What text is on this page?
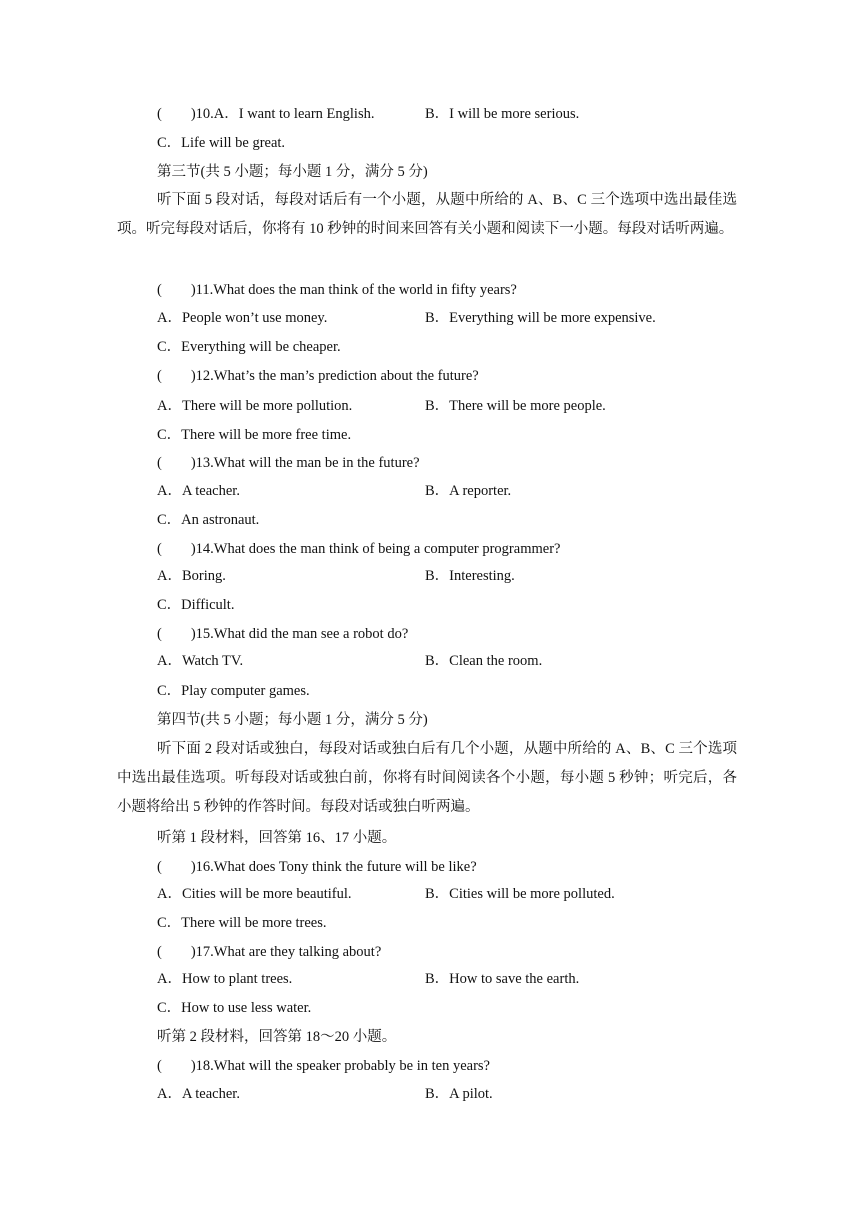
(　　)10.A．I want to learn English.	B．I will be more serious.
C．Life will be great.
第三节(共 5 小题；每小题 1 分，满分 5 分)
听下面 5 段对话，每段对话后有一个小题，从题中所给的 A、B、C 三个选项中选出最佳选项。听完每段对话后，你将有 10 秒钟的时间来回答有关小题和阅读下一小题。每段对话听两遍。
(　　)11.What does the man think of the world in fifty years?
A．People won’t use money.	B．Everything will be more expensive.
C．Everything will be cheaper.
(　　)12.What’s the man’s prediction about the future?
A．There will be more pollution.	B．There will be more people.
C．There will be more free time.
(　　)13.What will the man be in the future?
A．A teacher.	B．A reporter.
C．An astronaut.
(　　)14.What does the man think of being a computer programmer?
A．Boring.	B．Interesting.
C．Difficult.
(　　)15.What did the man see a robot do?
A．Watch TV.	B．Clean the room.
C．Play computer games.
第四节(共 5 小题；每小题 1 分，满分 5 分)
听下面 2 段对话或独白，每段对话或独白后有几个小题，从题中所给的 A、B、C 三个选项中选出最佳选项。听每段对话或独白前，你将有时间阅读各个小题，每小题 5 秒钟；听完后，各小题将给出 5 秒钟的作答时间。每段对话或独白听两遍。
听第 1 段材料，回答第 16、17 小题。
(　　)16.What does Tony think the future will be like?
A．Cities will be more beautiful.	B．Cities will be more polluted.
C．There will be more trees.
(　　)17.What are they talking about?
A．How to plant trees.	B．How to save the earth.
C．How to use less water.
听第 2 段材料，回答第 18～20 小题。
(　　)18.What will the speaker probably be in ten years?
A．A teacher.	B．A pilot.
